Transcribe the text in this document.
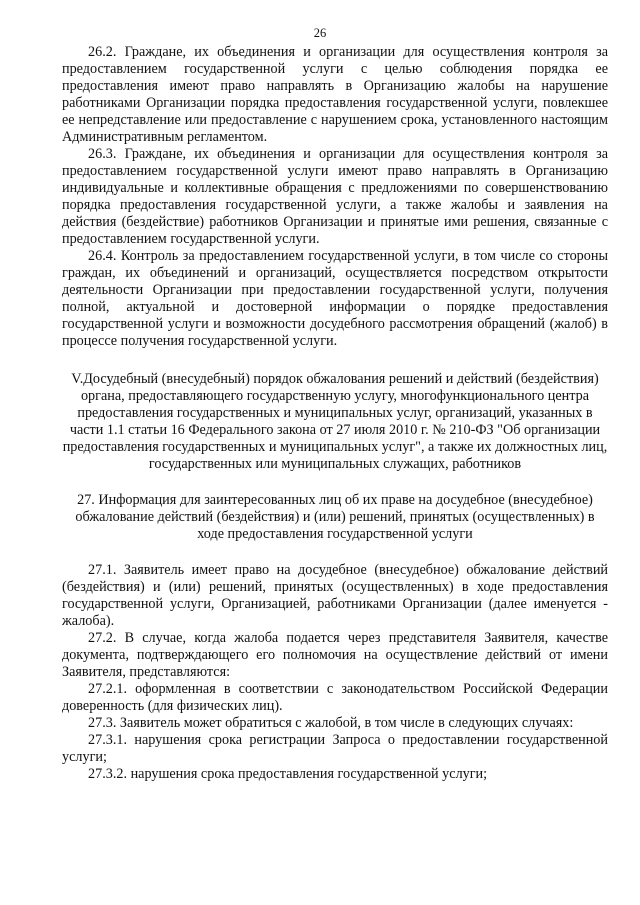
26

26.2. Граждане, их объединения и организации для осуществления контроля за предоставлением государственной услуги с целью соблюдения порядка ее предоставления имеют право направлять в Организацию жалобы на нарушение работниками Организации порядка предоставления государственной услуги, повлекшее ее непредставление или предоставление с нарушением срока, установленного настоящим Административным регламентом.

26.3. Граждане, их объединения и организации для осуществления контроля за предоставлением государственной услуги имеют право направлять в Организацию индивидуальные и коллективные обращения с предложениями по совершенствованию порядка предоставления государственной услуги, а также жалобы и заявления на действия (бездействие) работников Организации и принятые ими решения, связанные с предоставлением государственной услуги.

26.4. Контроль за предоставлением государственной услуги, в том числе со стороны граждан, их объединений и организаций, осуществляется посредством открытости деятельности Организации при предоставлении государственной услуги, получения полной, актуальной и достоверной информации о порядке предоставления государственной услуги и возможности досудебного рассмотрения обращений (жалоб) в процессе получения государственной услуги.

V.Досудебный (внесудебный) порядок обжалования решений и действий (бездействия) органа, предоставляющего государственную услугу, многофункционального центра предоставления государственных и муниципальных услуг, организаций, указанных в части 1.1 статьи 16 Федерального закона от 27 июля 2010 г. № 210-ФЗ "Об организации предоставления государственных и муниципальных услуг", а также их должностных лиц, государственных или муниципальных служащих, работников

27. Информация для заинтересованных лиц об их праве на досудебное (внесудебное) обжалование действий (бездействия) и (или) решений, принятых (осуществленных) в ходе предоставления государственной услуги

27.1. Заявитель имеет право на досудебное (внесудебное) обжалование действий (бездействия) и (или) решений, принятых (осуществленных) в ходе предоставления государственной услуги, Организацией, работниками Организации (далее именуется - жалоба).

27.2. В случае, когда жалоба подается через представителя Заявителя, качестве документа, подтверждающего его полномочия на осуществление действий от имени Заявителя, представляются:

27.2.1. оформленная в соответствии с законодательством Российской Федерации доверенность (для физических лиц).

27.3. Заявитель может обратиться с жалобой, в том числе в следующих случаях:

27.3.1. нарушения срока регистрации Запроса о предоставлении государственной услуги;

27.3.2. нарушения срока предоставления государственной услуги;
